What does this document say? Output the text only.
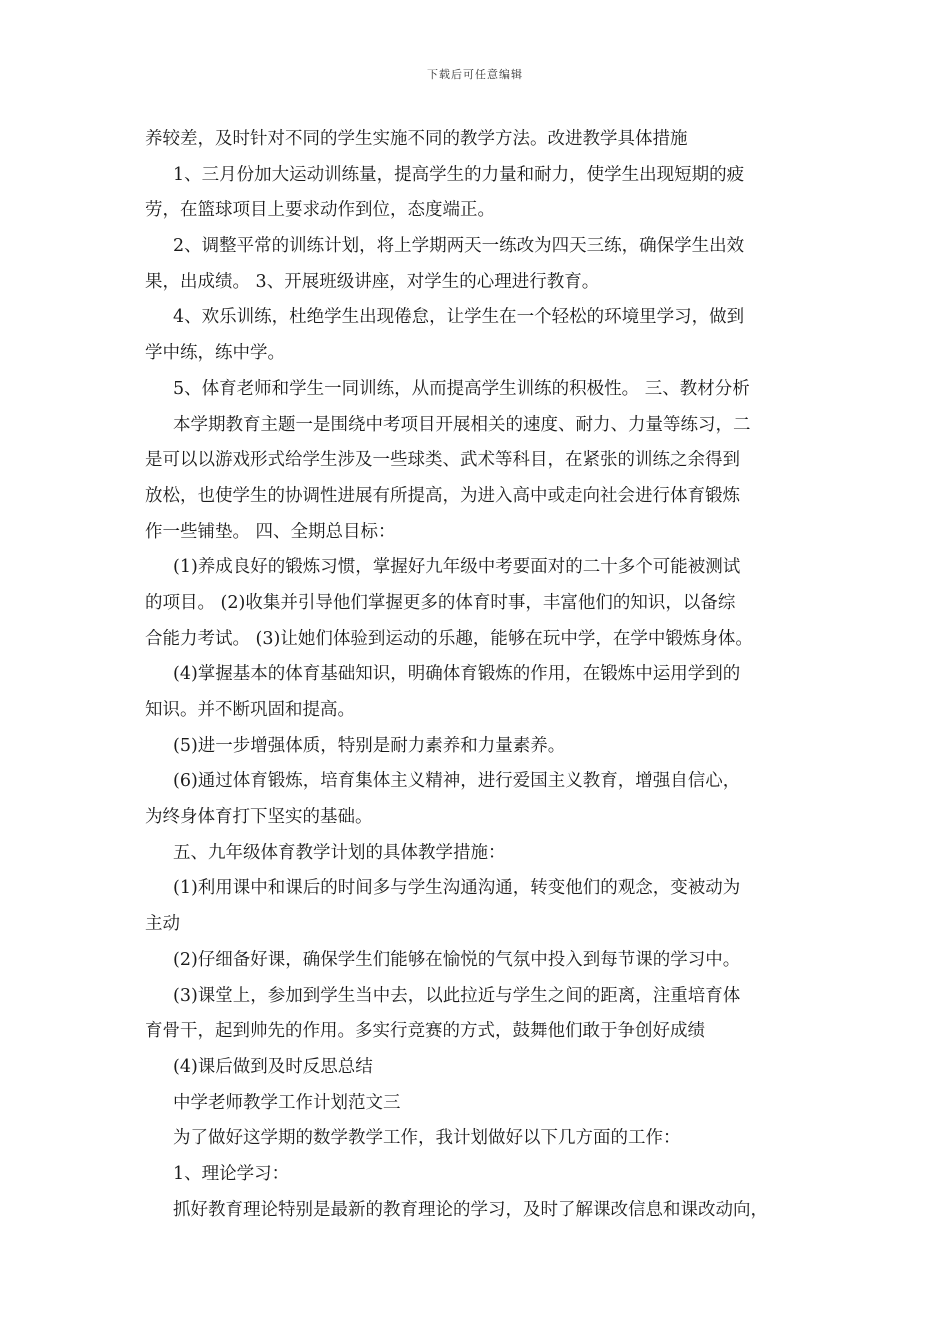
下载后可任意编辑
养较差，及时针对不同的学生实施不同的教学方法。改进教学具体措施
1、三月份加大运动训练量，提高学生的力量和耐力，使学生出现短期的疲
劳，在篮球项目上要求动作到位，态度端正。
2、调整平常的训练计划，将上学期两天一练改为四天三练，确保学生出效
果，出成绩。 3、开展班级讲座，对学生的心理进行教育。
4、欢乐训练，杜绝学生出现倦怠，让学生在一个轻松的环境里学习，做到
学中练，练中学。
5、体育老师和学生一同训练，从而提高学生训练的积极性。 三、教材分析
本学期教育主题一是围绕中考项目开展相关的速度、耐力、力量等练习，二
是可以以游戏形式给学生涉及一些球类、武术等科目，在紧张的训练之余得到
放松，也使学生的协调性进展有所提高，为进入高中或走向社会进行体育锻炼
作一些铺垫。 四、全期总目标：
(1)养成良好的锻炼习惯，掌握好九年级中考要面对的二十多个可能被测试
的项目。 (2)收集并引导他们掌握更多的体育时事，丰富他们的知识，以备综
合能力考试。 (3)让她们体验到运动的乐趣，能够在玩中学，在学中锻炼身体。
(4)掌握基本的体育基础知识，明确体育锻炼的作用，在锻炼中运用学到的
知识。并不断巩固和提高。
(5)进一步增强体质，特别是耐力素养和力量素养。
(6)通过体育锻炼，培育集体主义精神，进行爱国主义教育，增强自信心，
为终身体育打下坚实的基础。
五、九年级体育教学计划的具体教学措施：
(1)利用课中和课后的时间多与学生沟通沟通，转变他们的观念，变被动为
主动
(2)仔细备好课，确保学生们能够在愉悦的气氛中投入到每节课的学习中。
(3)课堂上，参加到学生当中去，以此拉近与学生之间的距离，注重培育体
育骨干，起到帅先的作用。多实行竞赛的方式，鼓舞他们敢于争创好成绩
(4)课后做到及时反思总结
中学老师教学工作计划范文三
为了做好这学期的数学教学工作，我计划做好以下几方面的工作：
1、理论学习：
抓好教育理论特别是最新的教育理论的学习，及时了解课改信息和课改动向，
